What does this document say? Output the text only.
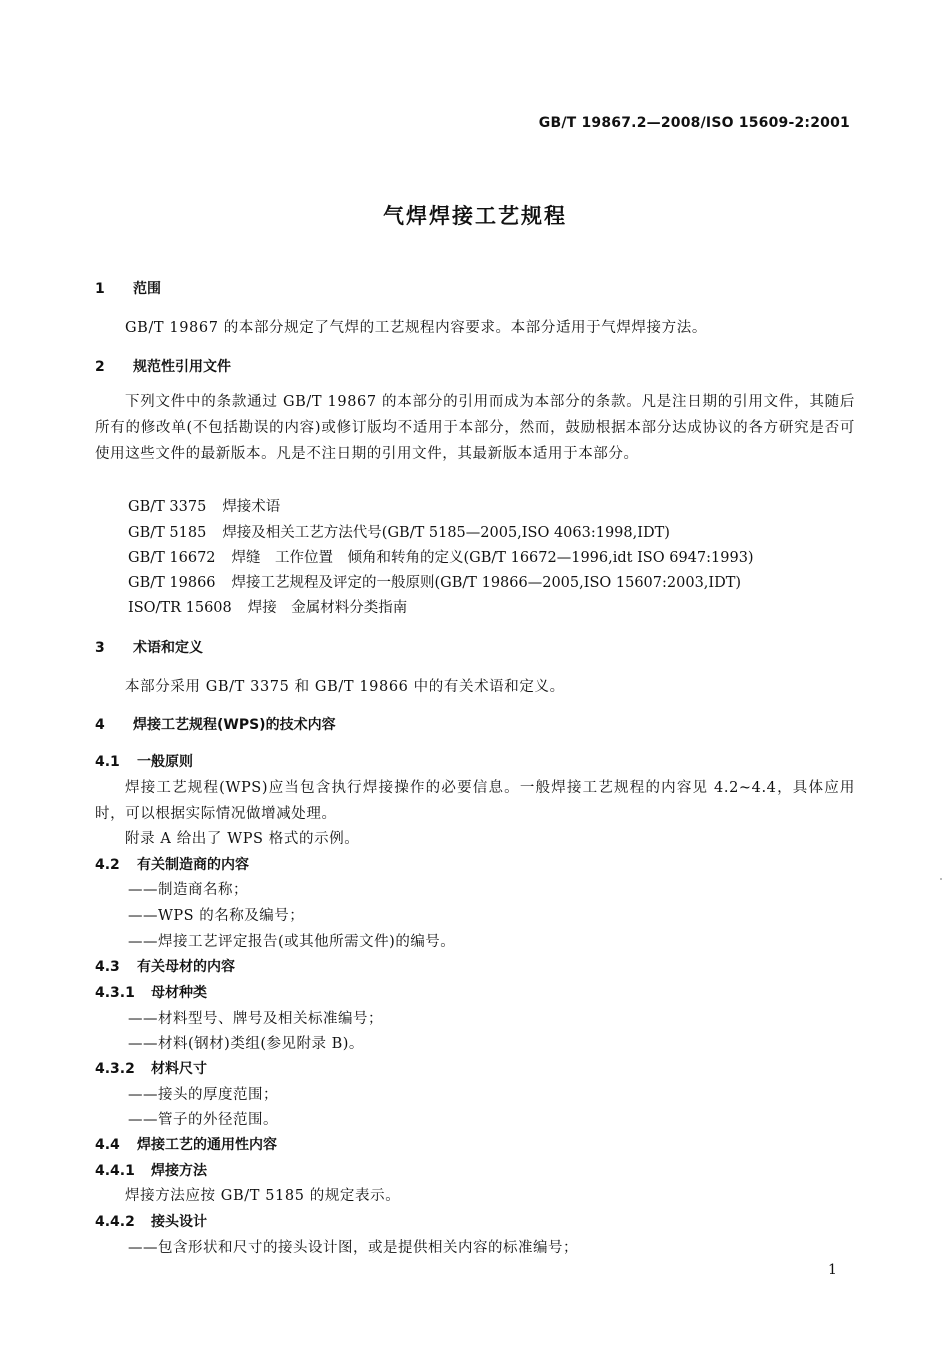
GB/T 19867.2—2008/ISO 15609-2:2001
气焊焊接工艺规程
1 范围
GB/T 19867 的本部分规定了气焊的工艺规程内容要求。本部分适用于气焊焊接方法。
2 规范性引用文件
下列文件中的条款通过 GB/T 19867 的本部分的引用而成为本部分的条款。凡是注日期的引用文件，其随后所有的修改单(不包括勘误的内容)或修订版均不适用于本部分，然而，鼓励根据本部分达成协议的各方研究是否可使用这些文件的最新版本。凡是不注日期的引用文件，其最新版本适用于本部分。
GB/T 3375 焊接术语
GB/T 5185 焊接及相关工艺方法代号(GB/T 5185—2005,ISO 4063:1998,IDT)
GB/T 16672 焊缝　工作位置　倾角和转角的定义(GB/T 16672—1996,idt ISO 6947:1993)
GB/T 19866 焊接工艺规程及评定的一般原则(GB/T 19866—2005,ISO 15607:2003,IDT)
ISO/TR 15608 焊接　金属材料分类指南
3 术语和定义
本部分采用 GB/T 3375 和 GB/T 19866 中的有关术语和定义。
4 焊接工艺规程(WPS)的技术内容
4.1 一般原则
焊接工艺规程(WPS)应当包含执行焊接操作的必要信息。一般焊接工艺规程的内容见 4.2~4.4，具体应用时，可以根据实际情况做增减处理。
附录 A 给出了 WPS 格式的示例。
4.2 有关制造商的内容
——制造商名称；
——WPS 的名称及编号；
——焊接工艺评定报告(或其他所需文件)的编号。
4.3 有关母材的内容
4.3.1 母材种类
——材料型号、牌号及相关标准编号；
——材料(钢材)类组(参见附录 B)。
4.3.2 材料尺寸
——接头的厚度范围；
——管子的外径范围。
4.4 焊接工艺的通用性内容
4.4.1 焊接方法
焊接方法应按 GB/T 5185 的规定表示。
4.4.2 接头设计
——包含形状和尺寸的接头设计图，或是提供相关内容的标准编号；
1
